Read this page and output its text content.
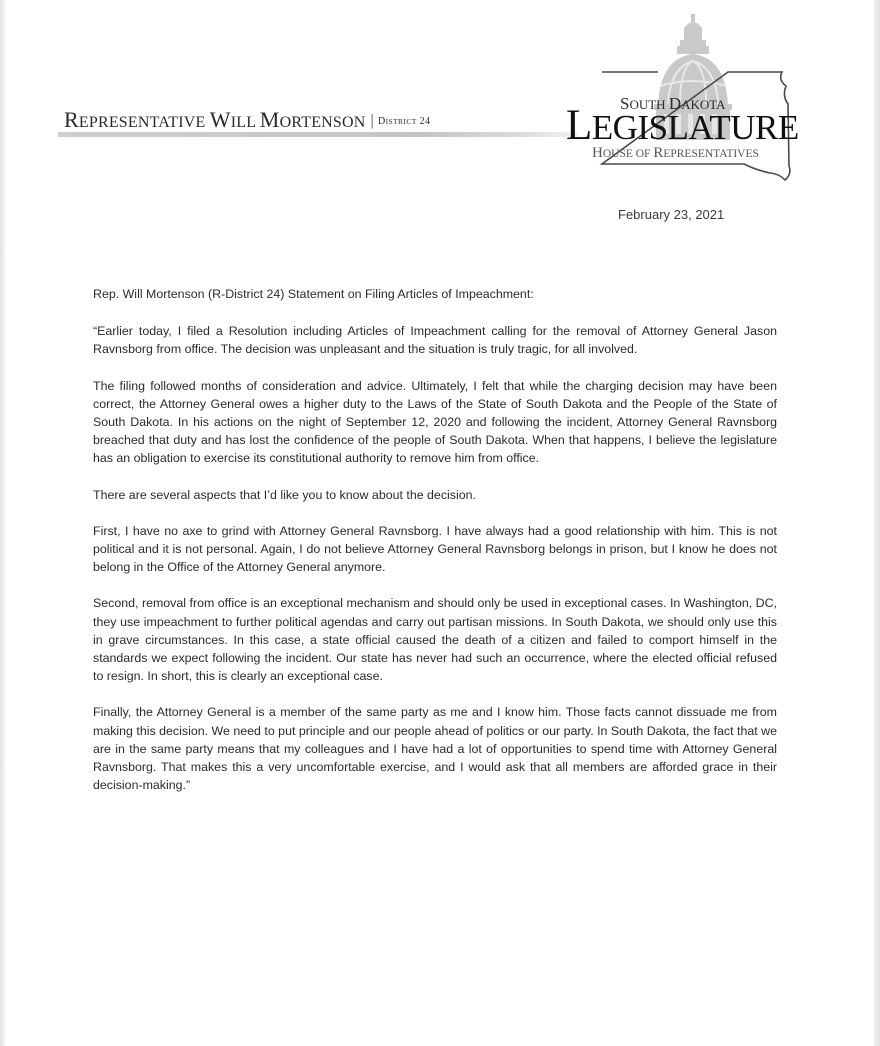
REPRESENTATIVE WILL MORTENSON | DISTRICT 24
SOUTH DAKOTA
LEGISLATURE
HOUSE OF REPRESENTATIVES
February 23, 2021

Rep. Will Mortenson (R-District 24) Statement on Filing Articles of Impeachment:

“Earlier today, I filed a Resolution including Articles of Impeachment calling for the removal of Attorney General Jason Ravnsborg from office. The decision was unpleasant and the situation is truly tragic, for all involved.

The filing followed months of consideration and advice. Ultimately, I felt that while the charging decision may have been correct, the Attorney General owes a higher duty to the Laws of the State of South Dakota and the People of the State of South Dakota. In his actions on the night of September 12, 2020 and following the incident, Attorney General Ravnsborg breached that duty and has lost the confidence of the people of South Dakota. When that happens, I believe the legislature has an obligation to exercise its constitutional authority to remove him from office.

There are several aspects that I’d like you to know about the decision.

First, I have no axe to grind with Attorney General Ravnsborg. I have always had a good relationship with him. This is not political and it is not personal. Again, I do not believe Attorney General Ravnsborg belongs in prison, but I know he does not belong in the Office of the Attorney General anymore.

Second, removal from office is an exceptional mechanism and should only be used in exceptional cases. In Washington, DC, they use impeachment to further political agendas and carry out partisan missions. In South Dakota, we should only use this in grave circumstances. In this case, a state official caused the death of a citizen and failed to comport himself in the standards we expect following the incident. Our state has never had such an occurrence, where the elected official refused to resign. In short, this is clearly an exceptional case.

Finally, the Attorney General is a member of the same party as me and I know him. Those facts cannot dissuade me from making this decision. We need to put principle and our people ahead of politics or our party. In South Dakota, the fact that we are in the same party means that my colleagues and I have had a lot of opportunities to spend time with Attorney General Ravnsborg. That makes this a very uncomfortable exercise, and I would ask that all members are afforded grace in their decision-making.”
